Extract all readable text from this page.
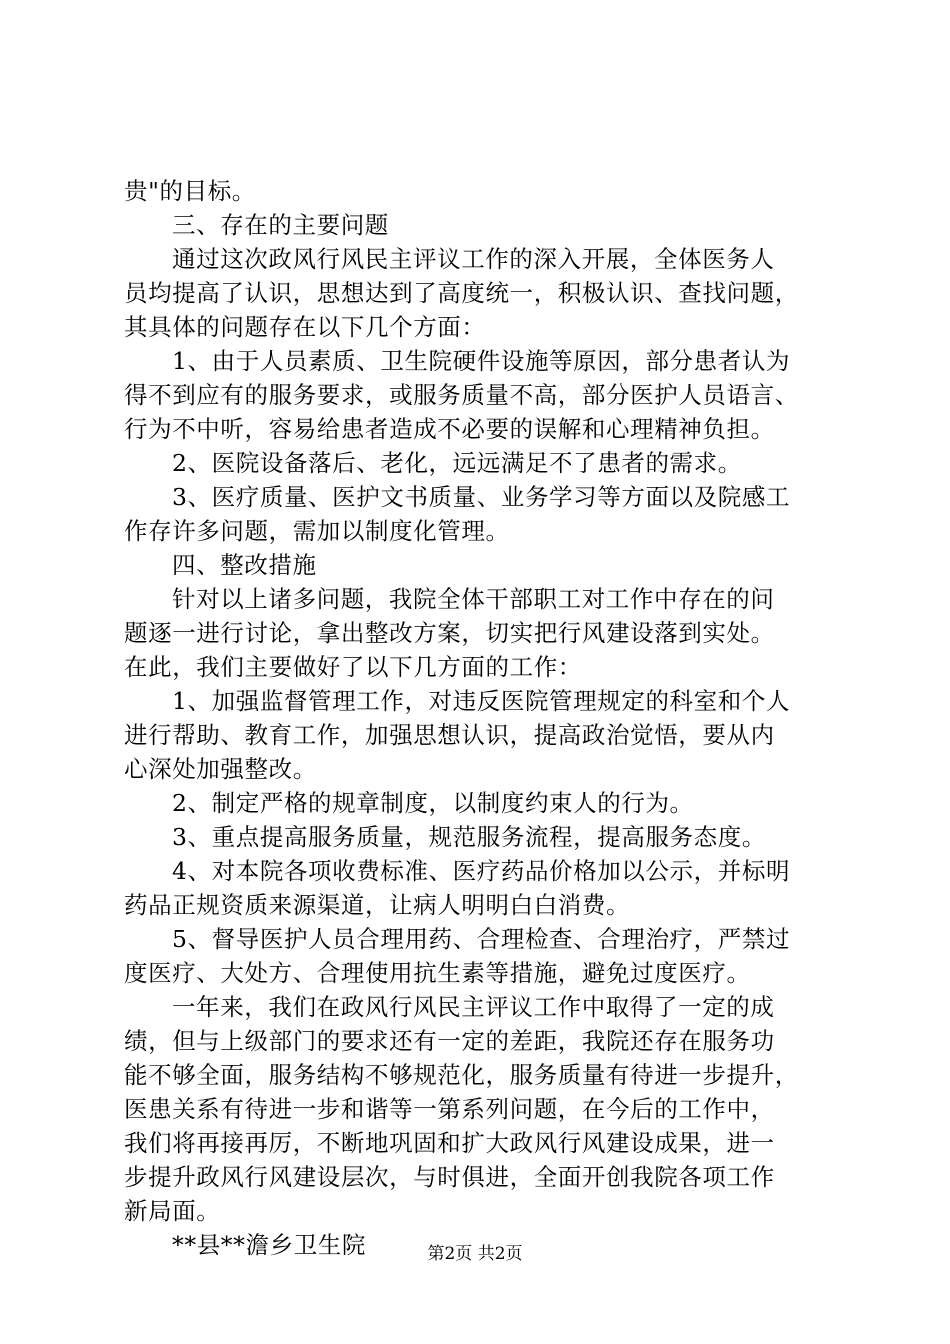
贵"的目标。
三、存在的主要问题
通过这次政风行风民主评议工作的深入开展，全体医务人
员均提高了认识，思想达到了高度统一，积极认识、查找问题，
其具体的问题存在以下几个方面：
1、由于人员素质、卫生院硬件设施等原因，部分患者认为
得不到应有的服务要求，或服务质量不高，部分医护人员语言、
行为不中听，容易给患者造成不必要的误解和心理精神负担。
2、医院设备落后、老化，远远满足不了患者的需求。
3、医疗质量、医护文书质量、业务学习等方面以及院感工
作存许多问题，需加以制度化管理。
四、整改措施
针对以上诸多问题，我院全体干部职工对工作中存在的问
题逐一进行讨论，拿出整改方案，切实把行风建设落到实处。
在此，我们主要做好了以下几方面的工作：
1、加强监督管理工作，对违反医院管理规定的科室和个人
进行帮助、教育工作，加强思想认识，提高政治觉悟，要从内
心深处加强整改。
2、制定严格的规章制度，以制度约束人的行为。
3、重点提高服务质量，规范服务流程，提高服务态度。
4、对本院各项收费标准、医疗药品价格加以公示，并标明
药品正规资质来源渠道，让病人明明白白消费。
5、督导医护人员合理用药、合理检查、合理治疗，严禁过
度医疗、大处方、合理使用抗生素等措施，避免过度医疗。
一年来，我们在政风行风民主评议工作中取得了一定的成
绩，但与上级部门的要求还有一定的差距，我院还存在服务功
能不够全面，服务结构不够规范化，服务质量有待进一步提升，
医患关系有待进一步和谐等一第系列问题，在今后的工作中，
我们将再接再厉，不断地巩固和扩大政风行风建设成果，进一
步提升政风行风建设层次，与时俱进，全面开创我院各项工作
新局面。
**县**澹乡卫生院	第2页 共2页
